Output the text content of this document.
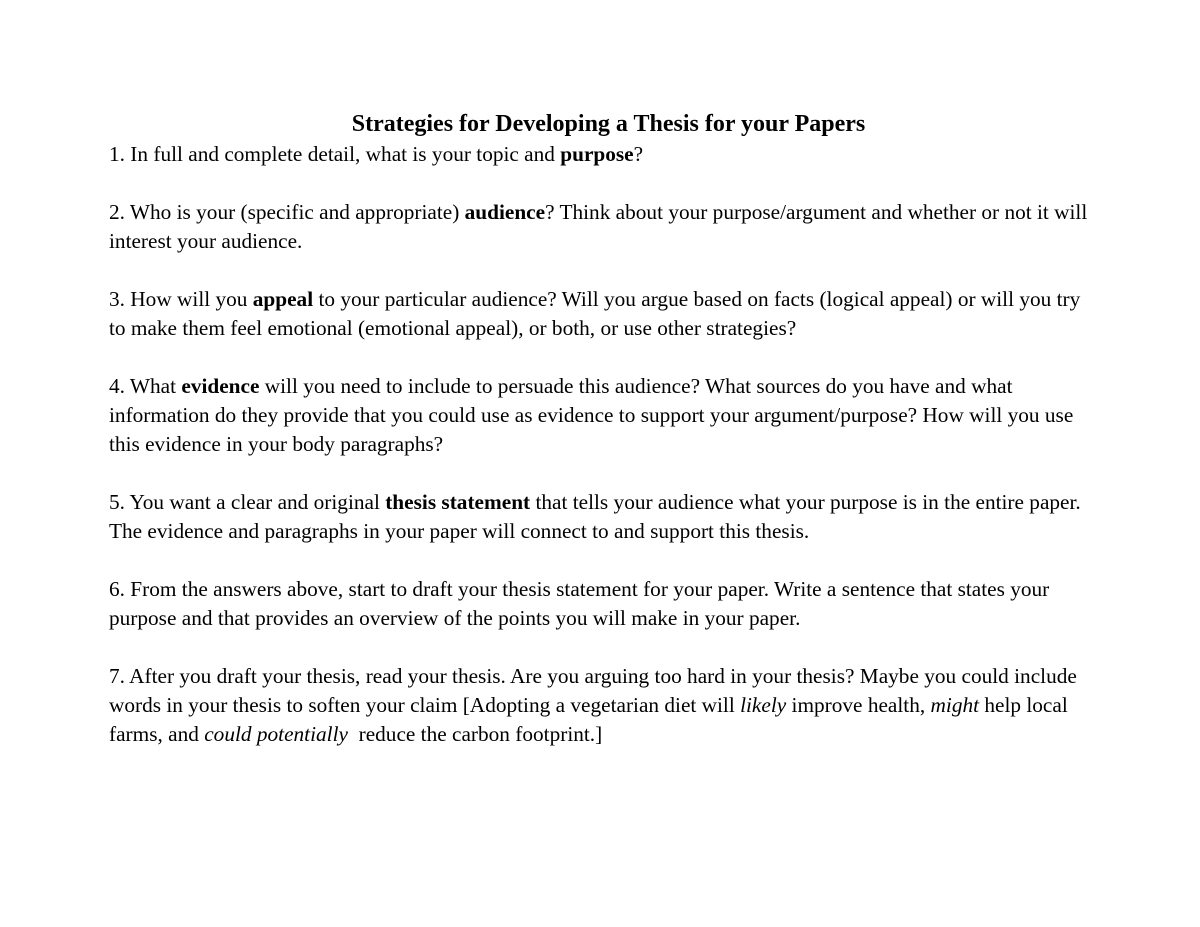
Strategies for Developing a Thesis for your Papers

1. In full and complete detail, what is your topic and purpose?

2. Who is your (specific and appropriate) audience? Think about your purpose/argument and whether or not it will interest your audience.

3. How will you appeal to your particular audience? Will you argue based on facts (logical appeal) or will you try to make them feel emotional (emotional appeal), or both, or use other strategies?

4. What evidence will you need to include to persuade this audience? What sources do you have and what information do they provide that you could use as evidence to support your argument/purpose? How will you use this evidence in your body paragraphs?

5. You want a clear and original thesis statement that tells your audience what your purpose is in the entire paper. The evidence and paragraphs in your paper will connect to and support this thesis.

6. From the answers above, start to draft your thesis statement for your paper. Write a sentence that states your purpose and that provides an overview of the points you will make in your paper.

7. After you draft your thesis, read your thesis. Are you arguing too hard in your thesis? Maybe you could include words in your thesis to soften your claim [Adopting a vegetarian diet will likely improve health, might help local farms, and could potentially  reduce the carbon footprint.]
